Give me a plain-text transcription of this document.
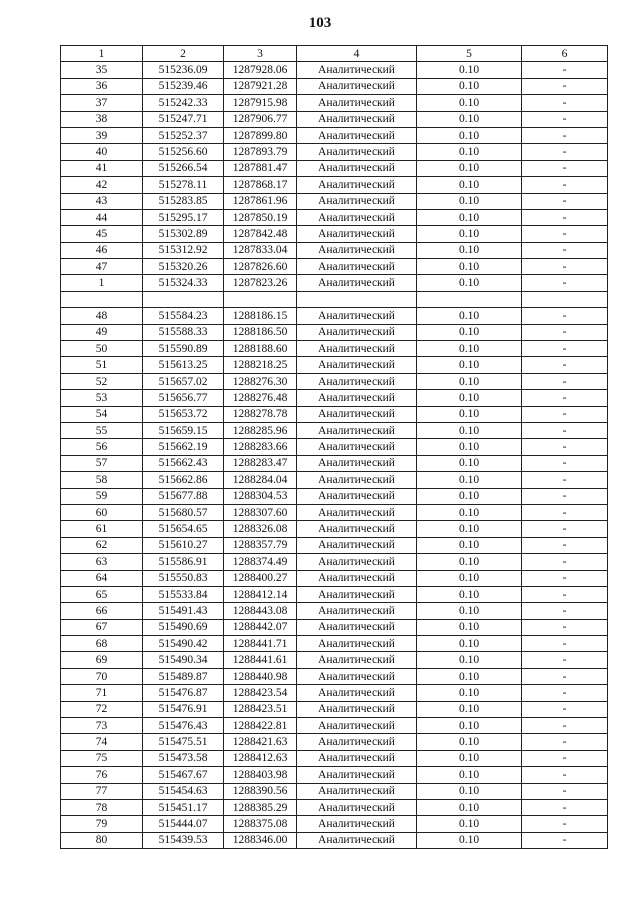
103
1	2	3	4	5	6
35	515236.09	1287928.06	Аналитический	0.10	-
36	515239.46	1287921.28	Аналитический	0.10	-
37	515242.33	1287915.98	Аналитический	0.10	-
38	515247.71	1287906.77	Аналитический	0.10	-
39	515252.37	1287899.80	Аналитический	0.10	-
40	515256.60	1287893.79	Аналитический	0.10	-
41	515266.54	1287881.47	Аналитический	0.10	-
42	515278.11	1287868.17	Аналитический	0.10	-
43	515283.85	1287861.96	Аналитический	0.10	-
44	515295.17	1287850.19	Аналитический	0.10	-
45	515302.89	1287842.48	Аналитический	0.10	-
46	515312.92	1287833.04	Аналитический	0.10	-
47	515320.26	1287826.60	Аналитический	0.10	-
1	515324.33	1287823.26	Аналитический	0.10	-

48	515584.23	1288186.15	Аналитический	0.10	-
49	515588.33	1288186.50	Аналитический	0.10	-
50	515590.89	1288188.60	Аналитический	0.10	-
51	515613.25	1288218.25	Аналитический	0.10	-
52	515657.02	1288276.30	Аналитический	0.10	-
53	515656.77	1288276.48	Аналитический	0.10	-
54	515653.72	1288278.78	Аналитический	0.10	-
55	515659.15	1288285.96	Аналитический	0.10	-
56	515662.19	1288283.66	Аналитический	0.10	-
57	515662.43	1288283.47	Аналитический	0.10	-
58	515662.86	1288284.04	Аналитический	0.10	-
59	515677.88	1288304.53	Аналитический	0.10	-
60	515680.57	1288307.60	Аналитический	0.10	-
61	515654.65	1288326.08	Аналитический	0.10	-
62	515610.27	1288357.79	Аналитический	0.10	-
63	515586.91	1288374.49	Аналитический	0.10	-
64	515550.83	1288400.27	Аналитический	0.10	-
65	515533.84	1288412.14	Аналитический	0.10	-
66	515491.43	1288443.08	Аналитический	0.10	-
67	515490.69	1288442.07	Аналитический	0.10	-
68	515490.42	1288441.71	Аналитический	0.10	-
69	515490.34	1288441.61	Аналитический	0.10	-
70	515489.87	1288440.98	Аналитический	0.10	-
71	515476.87	1288423.54	Аналитический	0.10	-
72	515476.91	1288423.51	Аналитический	0.10	-
73	515476.43	1288422.81	Аналитический	0.10	-
74	515475.51	1288421.63	Аналитический	0.10	-
75	515473.58	1288412.63	Аналитический	0.10	-
76	515467.67	1288403.98	Аналитический	0.10	-
77	515454.63	1288390.56	Аналитический	0.10	-
78	515451.17	1288385.29	Аналитический	0.10	-
79	515444.07	1288375.08	Аналитический	0.10	-
80	515439.53	1288346.00	Аналитический	0.10	-
